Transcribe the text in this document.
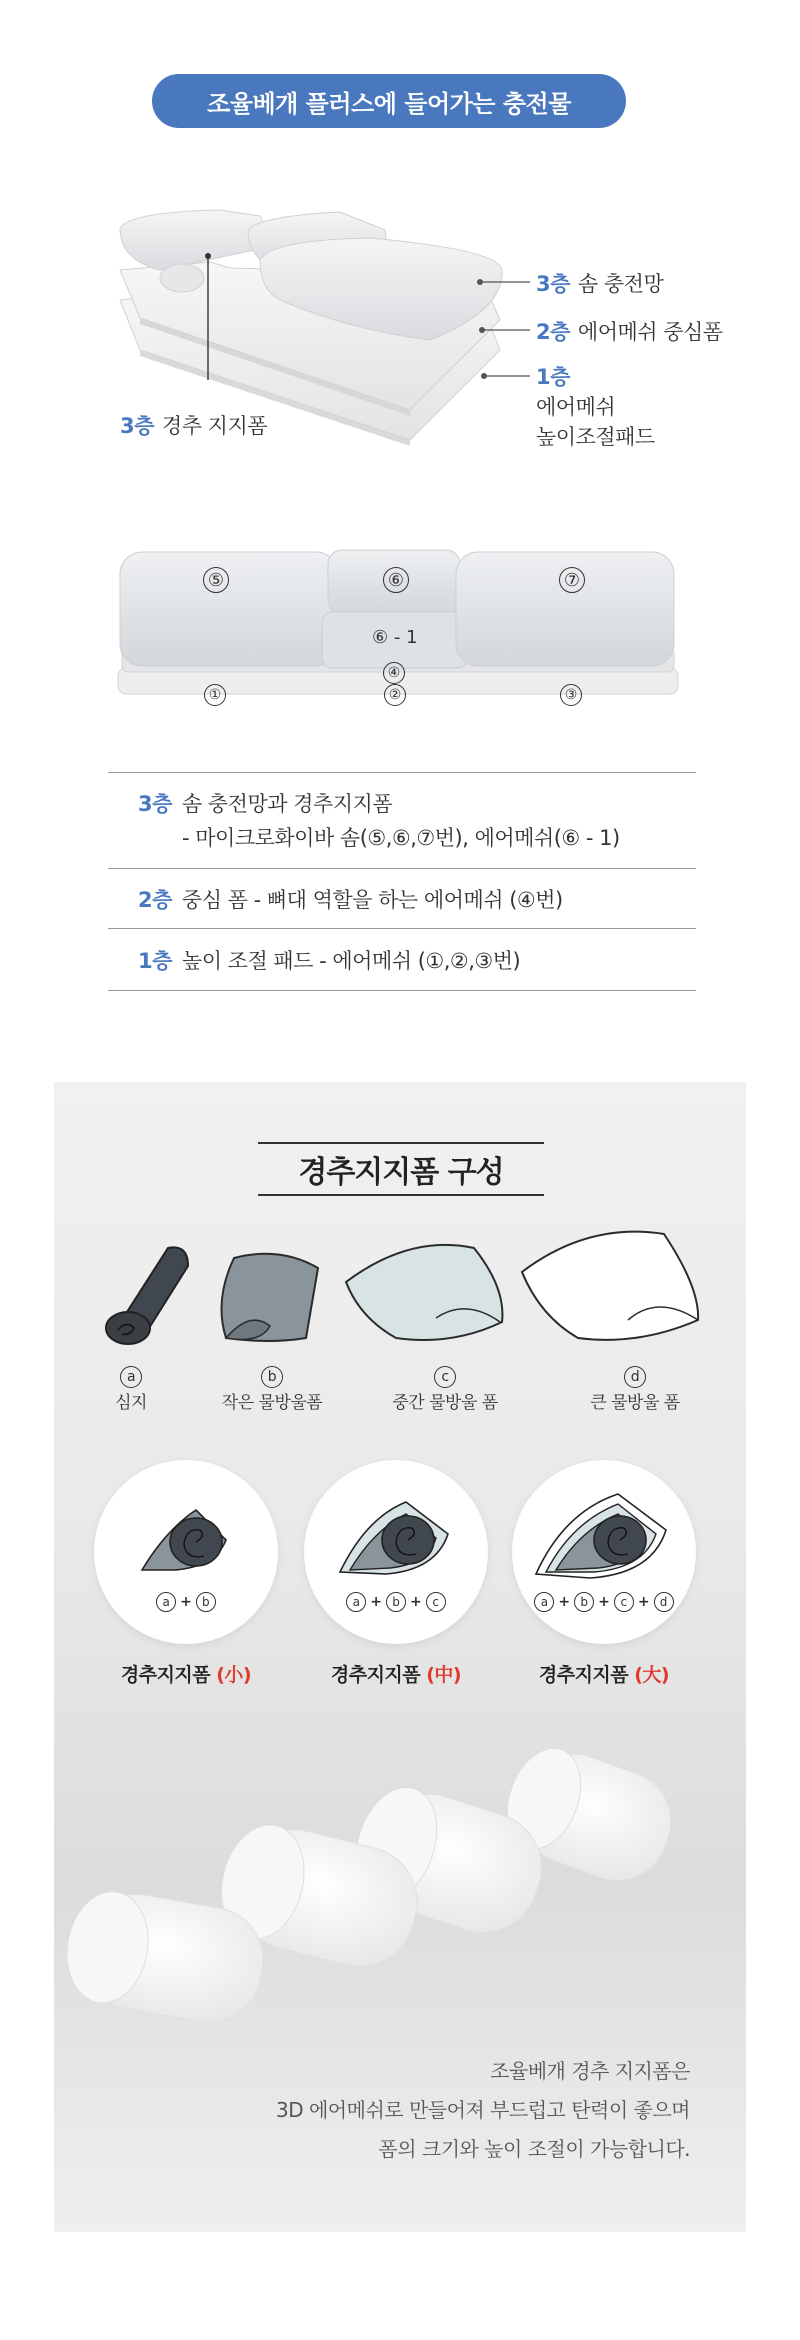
조율베개 플러스에 들어가는 충전물
3층 솜 충전망
2층 에어메쉬 중심폼
1층
에어메쉬
높이조절패드
3층 경추 지지폼
⑤	⑥	⑦
⑥ - 1
④
①	②	③
3층 솜 충전망과 경추지지폼
- 마이크로화이바 솜(⑤,⑥,⑦번), 에어메쉬(⑥ - 1)
2층 중심 폼 - 뼈대 역할을 하는 에어메쉬 (④번)
1층 높이 조절 패드 - 에어메쉬 (①,②,③번)
경추지지폼 구성
a
심지
b
작은 물방울폼
c
중간 물방울 폼
d
큰 물방울 폼
a + b	a + b + c	a + b + c + d
경추지지폼 (小)	경추지지폼 (中)	경추지지폼 (大)
조율베개 경추 지지폼은
3D 에어메쉬로 만들어져 부드럽고 탄력이 좋으며
폼의 크기와 높이 조절이 가능합니다.
